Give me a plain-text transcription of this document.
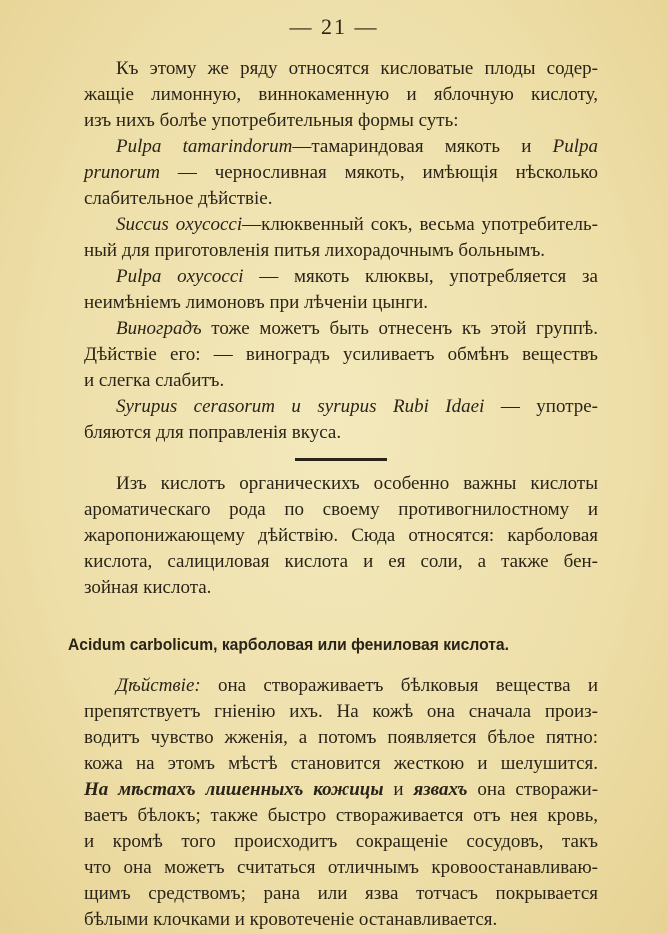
— 21 —
Къ этому же ряду относятся кисловатые плоды содер-
жащіе лимонную, виннокаменную и яблочную кислоту,
изъ нихъ болѣе употребительныя формы суть:
Pulpa tamarindorum—тамариндовая мякоть и Pulpa
prunorum — черносливная мякоть, имѣющія нѣсколько
слабительное дѣйствіе.
Succus oxycocci—клюквенный сокъ, весьма употребитель-
ный для приготовленія питья лихорадочнымъ больнымъ.
Pulpa oxycocci — мякоть клюквы, употребляется за
неимѣніемъ лимоновъ при лѣченіи цынги.
Виноградъ тоже можетъ быть отнесенъ къ этой группѣ.
Дѣйствіе его: — виноградъ усиливаетъ обмѣнъ веществъ
и слегка слабитъ.
Syrupus cerasorum и syrupus Rubi Idaei — употре-
бляются для поправленія вкуса.
Изъ кислотъ органическихъ особенно важны кислоты
ароматическаго рода по своему противогнилостному и
жаропонижающему дѣйствію. Сюда относятся: карболовая
кислота, салициловая кислота и ея соли, а также бен-
зойная кислота.
Acidum carbolicum, карболовая или фениловая кислота.
Дѣйствіе: она створаживаетъ бѣлковыя вещества и
препятствуетъ гніенію ихъ. На кожѣ она сначала произ-
водитъ чувство жженія, а потомъ появляется бѣлое пятно:
кожа на этомъ мѣстѣ становится жесткою и шелушится.
На мѣстахъ лишенныхъ кожицы и язвахъ она створажи-
ваетъ бѣлокъ; также быстро створаживается отъ нея кровь,
и кромѣ того происходитъ сокращеніе сосудовъ, такъ
что она можетъ считаться отличнымъ кровоостанавливаю-
щимъ средствомъ; рана или язва тотчасъ покрывается
бѣлыми клочками и кровотеченіе останавливается.
